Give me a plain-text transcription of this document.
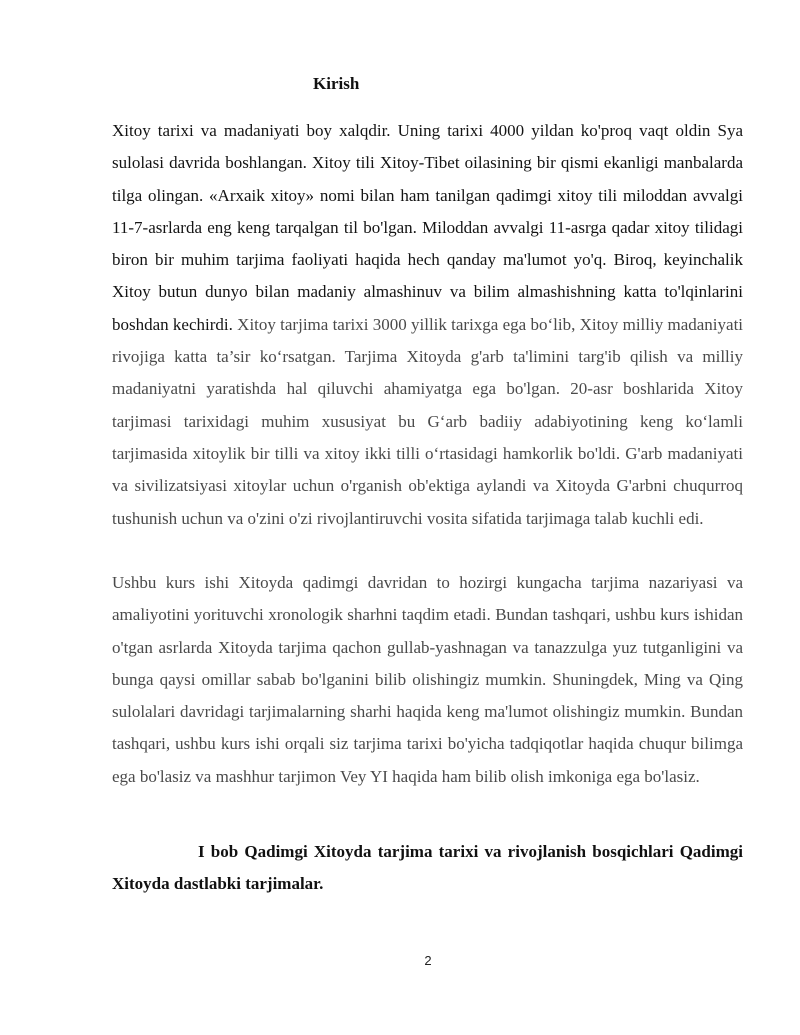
Kirish

Xitoy tarixi va madaniyati boy xalqdir. Uning tarixi 4000 yildan ko'proq vaqt oldin Sya sulolasi davrida boshlangan. Xitoy tili Xitoy-Tibet oilasining bir qismi ekanligi manbalarda tilga olingan. «Arxaik xitoy» nomi bilan ham tanilgan qadimgi xitoy tili miloddan avvalgi 11-7-asrlarda eng keng tarqalgan til bo'lgan. Miloddan avvalgi 11-asrga qadar xitoy tilidagi biron bir muhim tarjima faoliyati haqida hech qanday ma'lumot yo'q. Biroq, keyinchalik Xitoy butun dunyo bilan madaniy almashinuv va bilim almashishning katta to'lqinlarini boshdan kechirdi. Xitoy tarjima tarixi 3000 yillik tarixga ega bo‘lib, Xitoy milliy madaniyati rivojiga katta ta’sir ko‘rsatgan. Tarjima Xitoyda g'arb ta'limini targ'ib qilish va milliy madaniyatni yaratishda hal qiluvchi ahamiyatga ega bo'lgan. 20-asr boshlarida Xitoy tarjimasi tarixidagi muhim xususiyat bu G‘arb badiiy adabiyotining keng ko‘lamli tarjimasida xitoylik bir tilli va xitoy ikki tilli o‘rtasidagi hamkorlik bo'ldi. G'arb madaniyati va sivilizatsiyasi xitoylar uchun o'rganish ob'ektiga aylandi va Xitoyda G'arbni chuqurroq tushunish uchun va o'zini o'zi rivojlantiruvchi vosita sifatida tarjimaga talab kuchli edi.

Ushbu kurs ishi Xitoyda qadimgi davridan to hozirgi kungacha tarjima nazariyasi va amaliyotini yorituvchi xronologik sharhni taqdim etadi. Bundan tashqari, ushbu kurs ishidan o'tgan asrlarda Xitoyda tarjima qachon gullab-yashnagan va tanazzulga yuz tutganligini va bunga qaysi omillar sabab bo'lganini bilib olishingiz mumkin. Shuningdek, Ming va Qing sulolalari davridagi tarjimalarning sharhi haqida keng ma'lumot olishingiz mumkin. Bundan tashqari, ushbu kurs ishi orqali siz tarjima tarixi bo'yicha tadqiqotlar haqida chuqur bilimga ega bo'lasiz va mashhur tarjimon Vey YI haqida ham bilib olish imkoniga ega bo'lasiz.

I bob Qadimgi Xitoyda tarjima tarixi va rivojlanish bosqichlari Qadimgi Xitoyda dastlabki tarjimalar.

2
